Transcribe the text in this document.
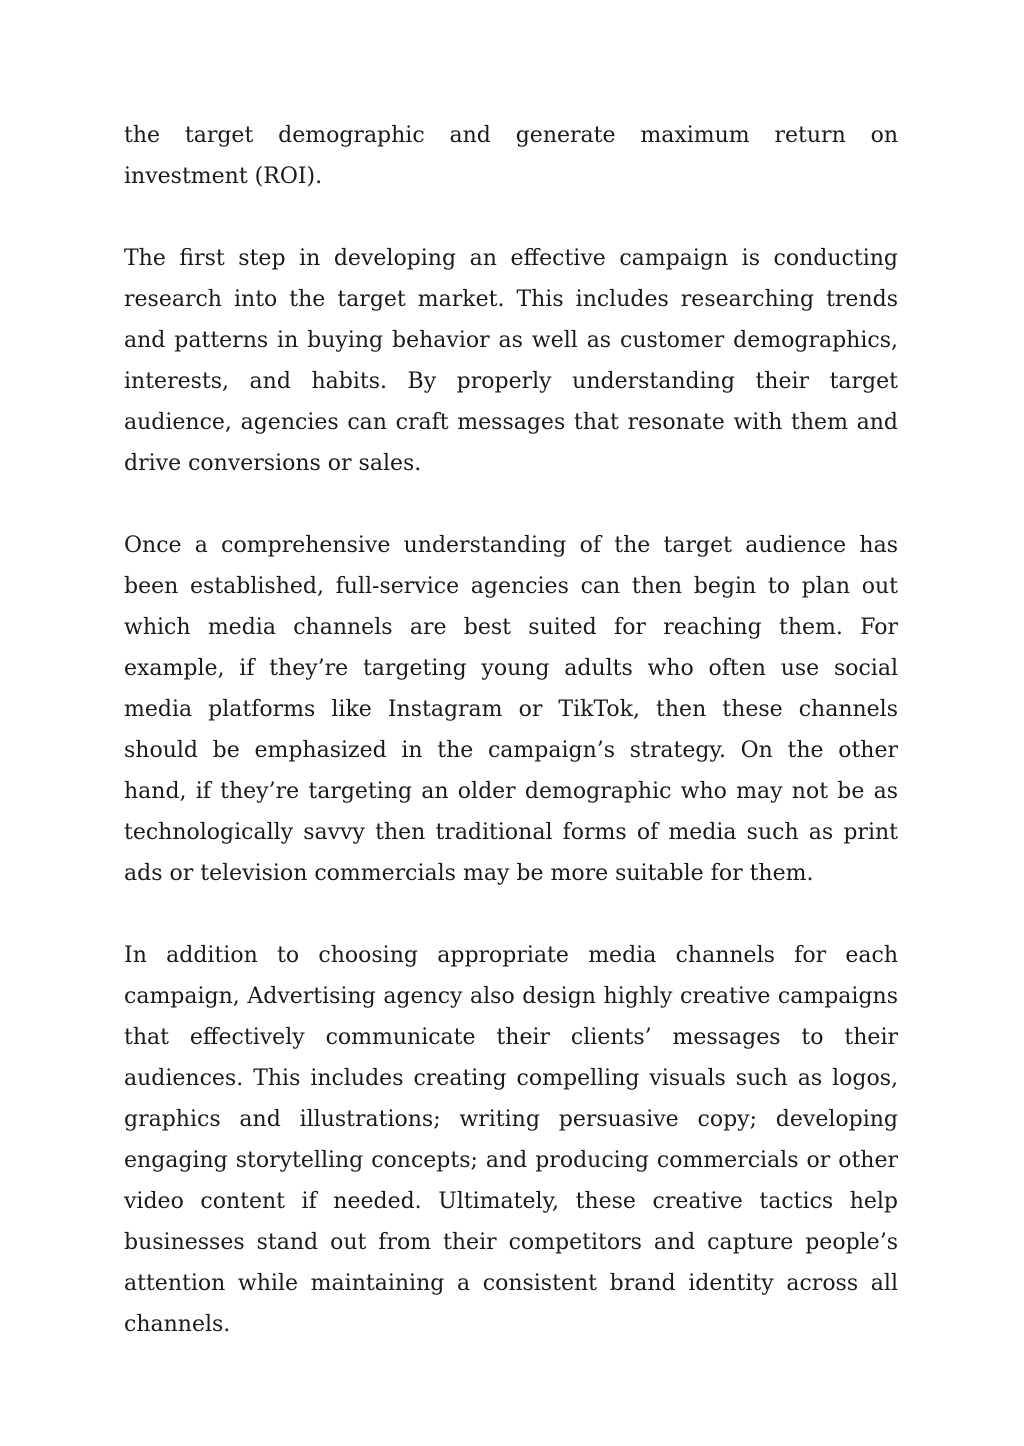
the target demographic and generate maximum return on investment (ROI).

The first step in developing an effective campaign is conducting research into the target market. This includes researching trends and patterns in buying behavior as well as customer demographics, interests, and habits. By properly understanding their target audience, agencies can craft messages that resonate with them and drive conversions or sales.

Once a comprehensive understanding of the target audience has been established, full-service agencies can then begin to plan out which media channels are best suited for reaching them. For example, if they’re targeting young adults who often use social media platforms like Instagram or TikTok, then these channels should be emphasized in the campaign’s strategy. On the other hand, if they’re targeting an older demographic who may not be as technologically savvy then traditional forms of media such as print ads or television commercials may be more suitable for them.

In addition to choosing appropriate media channels for each campaign, Advertising agency also design highly creative campaigns that effectively communicate their clients’ messages to their audiences. This includes creating compelling visuals such as logos, graphics and illustrations; writing persuasive copy; developing engaging storytelling concepts; and producing commercials or other video content if needed. Ultimately, these creative tactics help businesses stand out from their competitors and capture people’s attention while maintaining a consistent brand identity across all channels.
